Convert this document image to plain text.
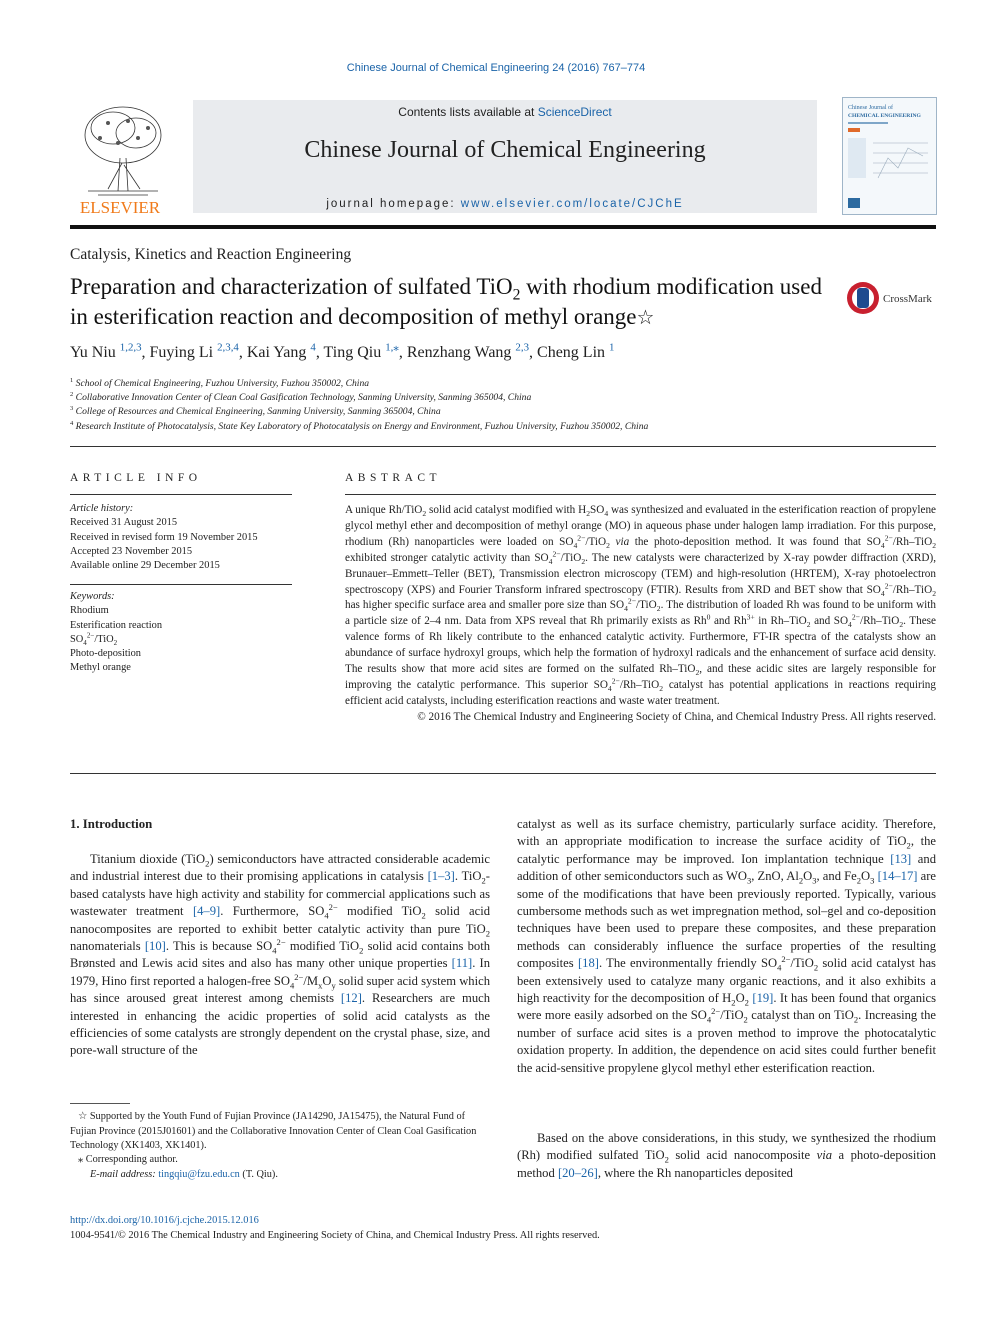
Chinese Journal of Chemical Engineering 24 (2016) 767–774
ELSEVIER
Contents lists available at ScienceDirect
Chinese Journal of Chemical Engineering
journal homepage: www.elsevier.com/locate/CJChE
Chinese Journal of
CHEMICAL ENGINEERING
Catalysis, Kinetics and Reaction Engineering
Preparation and characterization of sulfated TiO$_2$ with rhodium modification used in esterification reaction and decomposition of methyl orange☆
CrossMark
Yu Niu $^{1,2,3}$, Fuying Li $^{2,3,4}$, Kai Yang $^4$, Ting Qiu $^{1,⁎}$, Renzhang Wang $^{2,3}$, Cheng Lin $^1$
$^1$ School of Chemical Engineering, Fuzhou University, Fuzhou 350002, China
$^2$ Collaborative Innovation Center of Clean Coal Gasification Technology, Sanming University, Sanming 365004, China
$^3$ College of Resources and Chemical Engineering, Sanming University, Sanming 365004, China
$^4$ Research Institute of Photocatalysis, State Key Laboratory of Photocatalysis on Energy and Environment, Fuzhou University, Fuzhou 350002, China
ARTICLE INFO
Article history:
Received 31 August 2015
Received in revised form 19 November 2015
Accepted 23 November 2015
Available online 29 December 2015
Keywords:
Rhodium
Esterification reaction
$SO_4^{2-}/TiO_2$
Photo-deposition
Methyl orange
ABSTRACT
A unique Rh/TiO$_2$ solid acid catalyst modified with $H_2SO_4$ was synthesized and evaluated in the esterification reaction of propylene glycol methyl ether and decomposition of methyl orange (MO) in aqueous phase under halogen lamp irradiation. For this purpose, rhodium (Rh) nanoparticles were loaded on $SO_4^{2-}/TiO_2$ via the photo-deposition method. It was found that $SO_4^{2-}/Rh-TiO_2$ exhibited stronger catalytic activity than $SO_4^{2-}/TiO_2$. The new catalysts were characterized by X-ray powder diffraction (XRD), Brunauer–Emmett–Teller (BET), Transmission electron microscopy (TEM) and high-resolution (HRTEM), X-ray photoelectron spectroscopy (XPS) and Fourier Transform infrared spectroscopy (FTIR). Results from XRD and BET show that $SO_4^{2-}/Rh-TiO_2$ has higher specific surface area and smaller pore size than $SO_4^{2-}/TiO_2$. The distribution of loaded Rh was found to be uniform with a particle size of 2–4 nm. Data from XPS reveal that Rh primarily exists as Rh$^0$ and $Rh^{3+}$ in Rh–TiO$_2$ and $SO_4^{2-}/Rh-TiO_2$. These valence forms of Rh likely contribute to the enhanced catalytic activity. Furthermore, FT-IR spectra of the catalysts show an abundance of surface hydroxyl groups, which help the formation of hydroxyl radicals and the enhancement of surface acid density. The results show that more acid sites are formed on the sulfated Rh–TiO$_2$, and these acidic sites are largely responsible for improving the catalytic performance. This superior $SO_4^{2-}/Rh-TiO_2$ catalyst has potential applications in reactions requiring efficient acid catalysts, including esterification reactions and waste water treatment.

© 2016 The Chemical Industry and Engineering Society of China, and Chemical Industry Press. All rights reserved.
1. Introduction
Titanium dioxide (TiO$_2$) semiconductors have attracted considerable academic and industrial interest due to their promising applications in catalysis [1–3]. TiO$_2$-based catalysts have high activity and stability for commercial applications such as wastewater treatment [4–9]. Furthermore, $SO_4^{2-}$ modified TiO$_2$ solid acid nanocomposites are reported to exhibit better catalytic activity than pure TiO$_2$ nanomaterials [10]. This is because $SO_4^{2-}$ modified TiO$_2$ solid acid contains both Brønsted and Lewis acid sites and also has many other unique properties [11]. In 1979, Hino first reported a halogen-free $SO_4^{2-}/M_xO_y$ solid super acid system which has since aroused great interest among chemists [12]. Researchers are much interested in enhancing the acidic properties of solid acid catalysts as the efficiencies of some catalysts are strongly dependent on the crystal phase, size, and pore-wall structure of the
☆ Supported by the Youth Fund of Fujian Province (JA14290, JA15475), the Natural Fund of Fujian Province (2015J01601) and the Collaborative Innovation Center of Clean Coal Gasification Technology (XK1403, XK1401).
⁎ Corresponding author.
E-mail address: tingqiu@fzu.edu.cn (T. Qiu).
catalyst as well as its surface chemistry, particularly surface acidity. Therefore, with an appropriate modification to increase the surface acidity of TiO$_2$, the catalytic performance may be improved. Ion implantation technique [13] and addition of other semiconductors such as $WO_3$, ZnO, $Al_2O_3$, and $Fe_2O_3$ [14–17] are some of the modifications that have been previously reported. Typically, various cumbersome methods such as wet impregnation method, sol–gel and co-deposition techniques have been used to prepare these composites, and these preparation methods can considerably influence the surface properties of the resulting composites [18]. The environmentally friendly $SO_4^{2-}/TiO_2$ solid acid catalyst has been extensively used to catalyze many organic reactions, and it also exhibits a high reactivity for the decomposition of $H_2O_2$ [19]. It has been found that organics were more easily adsorbed on the $SO_4^{2-}/TiO_2$ catalyst than on TiO$_2$. Increasing the number of surface acid sites is a proven method to improve the photocatalytic oxidation property. In addition, the dependence on acid sites could further benefit the acid-sensitive propylene glycol methyl ether esterification reaction.
Based on the above considerations, in this study, we synthesized the rhodium (Rh) modified sulfated TiO$_2$ solid acid nanocomposite via a photo-deposition method [20–26], where the Rh nanoparticles deposited
http://dx.doi.org/10.1016/j.cjche.2015.12.016
1004-9541/© 2016 The Chemical Industry and Engineering Society of China, and Chemical Industry Press. All rights reserved.
